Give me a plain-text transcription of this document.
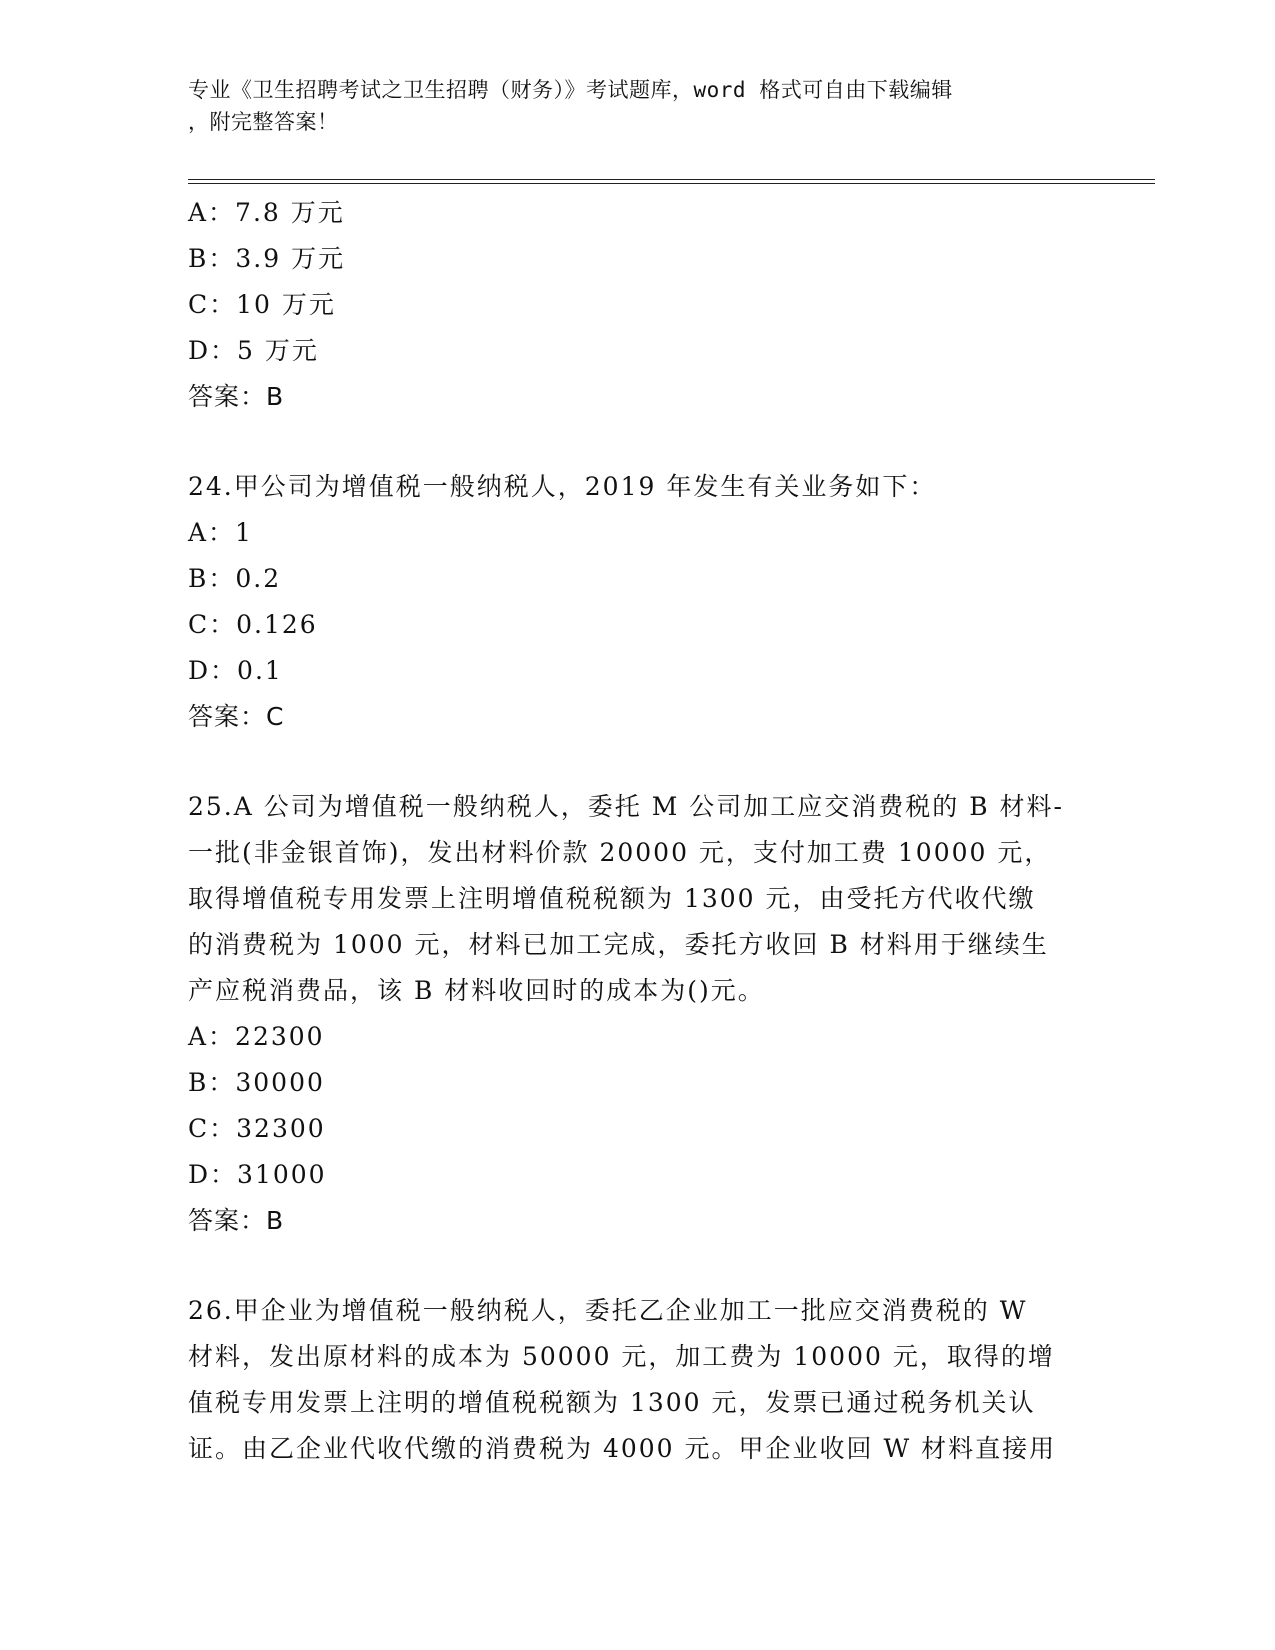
专业《卫生招聘考试之卫生招聘（财务）》考试题库，word 格式可自由下载编辑
，附完整答案！
A：7.8 万元
B：3.9 万元
C：10 万元
D：5 万元
答案：B
24.甲公司为增值税一般纳税人，2019 年发生有关业务如下：
A：1
B：0.2
C：0.126
D：0.1
答案：C
25.A 公司为增值税一般纳税人，委托 M 公司加工应交消费税的 B 材料-
一批(非金银首饰)，发出材料价款 20000 元，支付加工费 10000 元，
取得增值税专用发票上注明增值税税额为 1300 元，由受托方代收代缴
的消费税为 1000 元，材料已加工完成，委托方收回 B 材料用于继续生
产应税消费品，该 B 材料收回时的成本为()元。
A：22300
B：30000
C：32300
D：31000
答案：B
26.甲企业为增值税一般纳税人，委托乙企业加工一批应交消费税的 W
材料，发出原材料的成本为 50000 元，加工费为 10000 元，取得的增
值税专用发票上注明的增值税税额为 1300 元，发票已通过税务机关认
证。由乙企业代收代缴的消费税为 4000 元。甲企业收回 W 材料直接用
